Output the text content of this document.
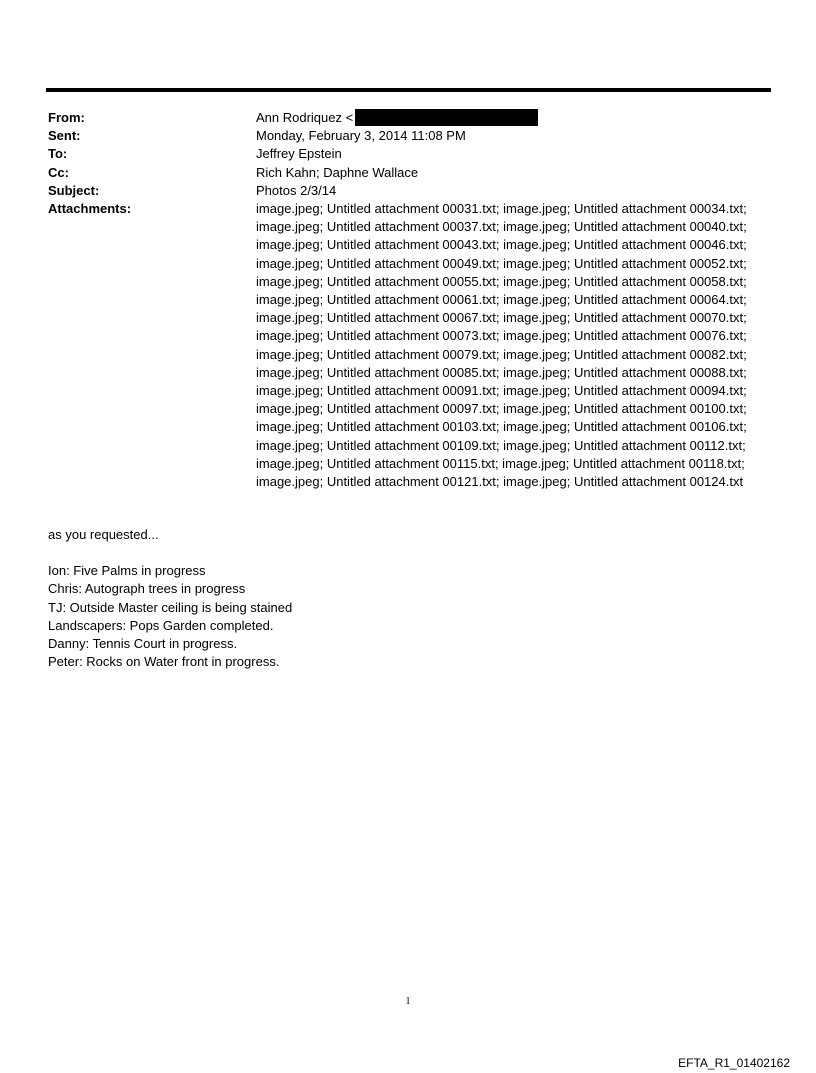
From:	Ann Rodriquez <
Sent:	Monday, February 3, 2014 11:08 PM
To:	Jeffrey Epstein
Cc:	Rich Kahn; Daphne Wallace
Subject:	Photos 2/3/14
Attachments:	image.jpeg; Untitled attachment 00031.txt; image.jpeg; Untitled attachment 00034.txt;
image.jpeg; Untitled attachment 00037.txt; image.jpeg; Untitled attachment 00040.txt;
image.jpeg; Untitled attachment 00043.txt; image.jpeg; Untitled attachment 00046.txt;
image.jpeg; Untitled attachment 00049.txt; image.jpeg; Untitled attachment 00052.txt;
image.jpeg; Untitled attachment 00055.txt; image.jpeg; Untitled attachment 00058.txt;
image.jpeg; Untitled attachment 00061.txt; image.jpeg; Untitled attachment 00064.txt;
image.jpeg; Untitled attachment 00067.txt; image.jpeg; Untitled attachment 00070.txt;
image.jpeg; Untitled attachment 00073.txt; image.jpeg; Untitled attachment 00076.txt;
image.jpeg; Untitled attachment 00079.txt; image.jpeg; Untitled attachment 00082.txt;
image.jpeg; Untitled attachment 00085.txt; image.jpeg; Untitled attachment 00088.txt;
image.jpeg; Untitled attachment 00091.txt; image.jpeg; Untitled attachment 00094.txt;
image.jpeg; Untitled attachment 00097.txt; image.jpeg; Untitled attachment 00100.txt;
image.jpeg; Untitled attachment 00103.txt; image.jpeg; Untitled attachment 00106.txt;
image.jpeg; Untitled attachment 00109.txt; image.jpeg; Untitled attachment 00112.txt;
image.jpeg; Untitled attachment 00115.txt; image.jpeg; Untitled attachment 00118.txt;
image.jpeg; Untitled attachment 00121.txt; image.jpeg; Untitled attachment 00124.txt
as you requested...
Ion: Five Palms in progress
Chris: Autograph trees in progress
TJ: Outside Master ceiling is being stained
Landscapers: Pops Garden completed.
Danny: Tennis Court in progress.
Peter: Rocks on Water front in progress.
1
EFTA_R1_01402162
